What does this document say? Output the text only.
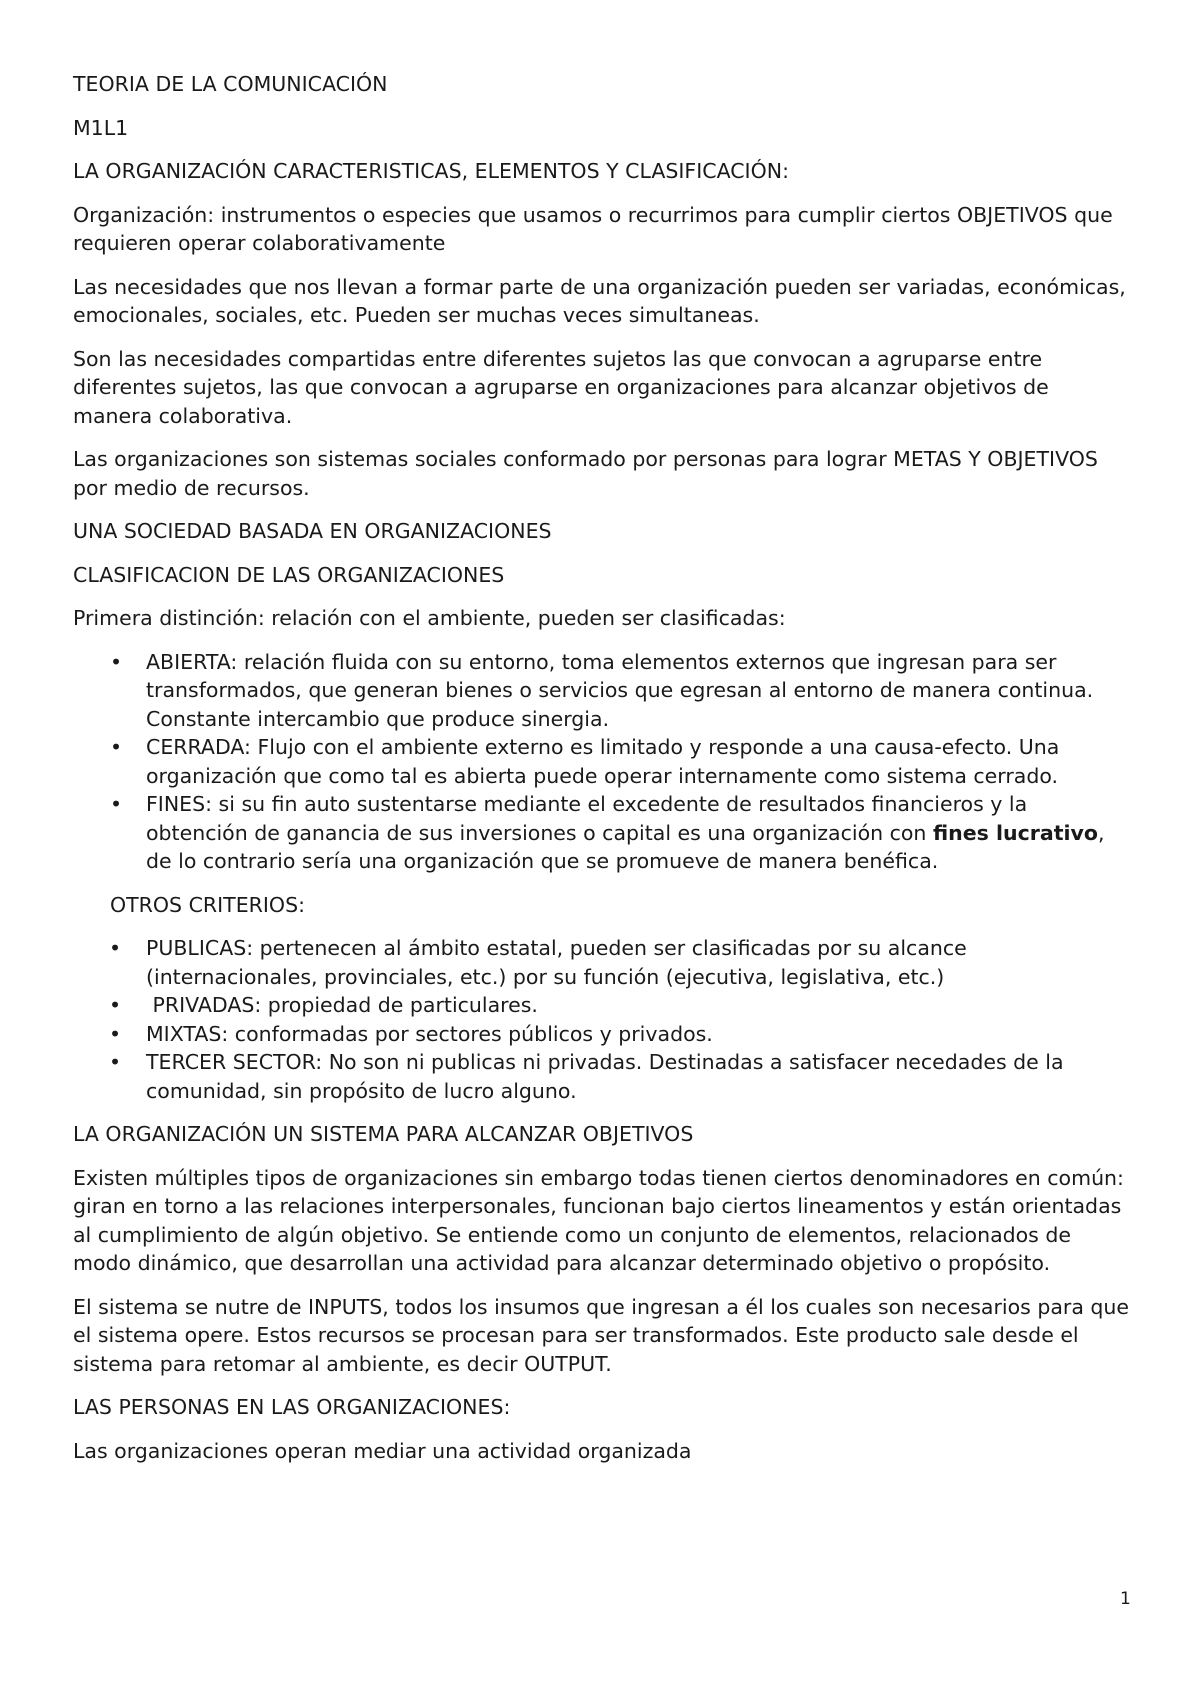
TEORIA DE LA COMUNICACIÓN

M1L1

LA ORGANIZACIÓN CARACTERISTICAS, ELEMENTOS Y CLASIFICACIÓN:

Organización: instrumentos o especies que usamos o recurrimos para cumplir ciertos OBJETIVOS que requieren operar colaborativamente

Las necesidades que nos llevan a formar parte de una organización pueden ser variadas, económicas, emocionales, sociales, etc. Pueden ser muchas veces simultaneas.

Son las necesidades compartidas entre diferentes sujetos las que convocan a agruparse entre diferentes sujetos, las que convocan a agruparse en organizaciones para alcanzar objetivos de manera colaborativa.

Las organizaciones son sistemas sociales conformado por personas para lograr METAS Y OBJETIVOS por medio de recursos.

UNA SOCIEDAD BASADA EN ORGANIZACIONES

CLASIFICACION DE LAS ORGANIZACIONES

Primera distinción: relación con el ambiente, pueden ser clasificadas:

• ABIERTA: relación fluida con su entorno, toma elementos externos que ingresan para ser transformados, que generan bienes o servicios que egresan al entorno de manera continua. Constante intercambio que produce sinergia.
• CERRADA: Flujo con el ambiente externo es limitado y responde a una causa-efecto. Una organización que como tal es abierta puede operar internamente como sistema cerrado.
• FINES: si su fin auto sustentarse mediante el excedente de resultados financieros y la obtención de ganancia de sus inversiones o capital es una organización con fines lucrativo, de lo contrario sería una organización que se promueve de manera benéfica.

OTROS CRITERIOS:

• PUBLICAS: pertenecen al ámbito estatal, pueden ser clasificadas por su alcance (internacionales, provinciales, etc.) por su función (ejecutiva, legislativa, etc.)
• PRIVADAS: propiedad de particulares.
• MIXTAS: conformadas por sectores públicos y privados.
• TERCER SECTOR: No son ni publicas ni privadas. Destinadas a satisfacer necedades de la comunidad, sin propósito de lucro alguno.

LA ORGANIZACIÓN UN SISTEMA PARA ALCANZAR OBJETIVOS

Existen múltiples tipos de organizaciones sin embargo todas tienen ciertos denominadores en común: giran en torno a las relaciones interpersonales, funcionan bajo ciertos lineamentos y están orientadas al cumplimiento de algún objetivo. Se entiende como un conjunto de elementos, relacionados de modo dinámico, que desarrollan una actividad para alcanzar determinado objetivo o propósito.

El sistema se nutre de INPUTS, todos los insumos que ingresan a él los cuales son necesarios para que el sistema opere. Estos recursos se procesan para ser transformados. Este producto sale desde el sistema para retomar al ambiente, es decir OUTPUT.

LAS PERSONAS EN LAS ORGANIZACIONES:

Las organizaciones operan mediar una actividad organizada

1
